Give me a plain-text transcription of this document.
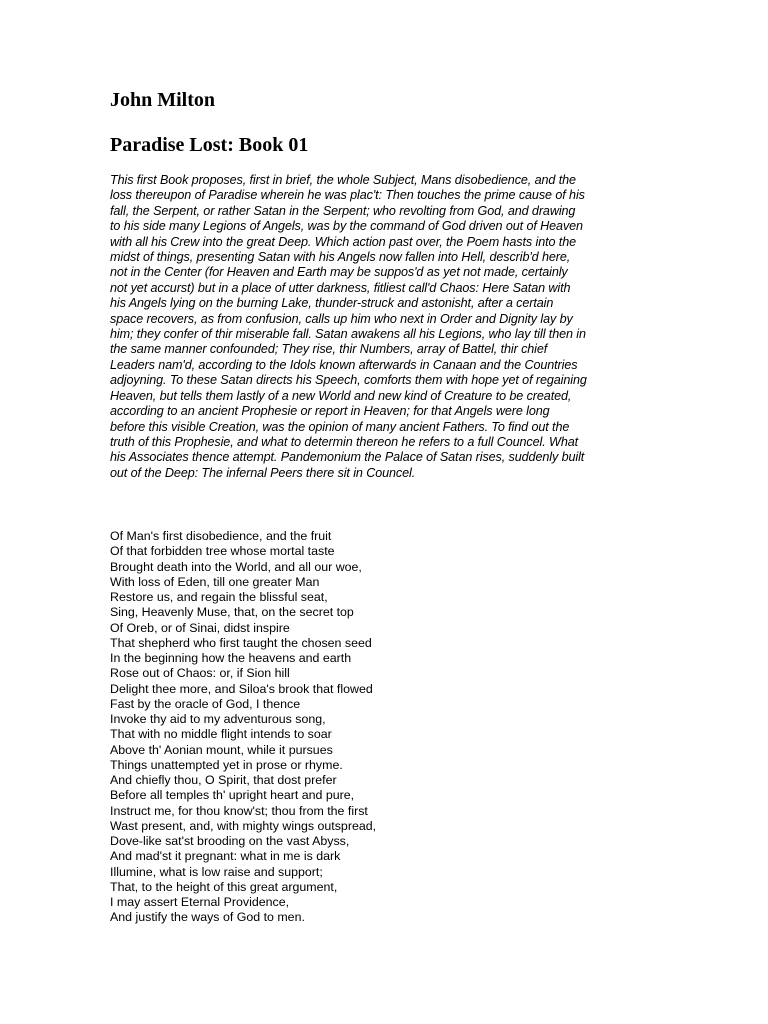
John Milton
Paradise Lost: Book 01
This first Book proposes, first in brief, the whole Subject, Mans disobedience, and the
loss thereupon of Paradise wherein he was plac't: Then touches the prime cause of his
fall, the Serpent, or rather Satan in the Serpent; who revolting from God, and drawing
to his side many Legions of Angels, was by the command of God driven out of Heaven
with all his Crew into the great Deep. Which action past over, the Poem hasts into the
midst of things, presenting Satan with his Angels now fallen into Hell, describ'd here,
not in the Center (for Heaven and Earth may be suppos'd as yet not made, certainly
not yet accurst) but in a place of utter darkness, fitliest call'd Chaos: Here Satan with
his Angels lying on the burning Lake, thunder-struck and astonisht, after a certain
space recovers, as from confusion, calls up him who next in Order and Dignity lay by
him; they confer of thir miserable fall. Satan awakens all his Legions, who lay till then in
the same manner confounded; They rise, thir Numbers, array of Battel, thir chief
Leaders nam'd, according to the Idols known afterwards in Canaan and the Countries
adjoyning. To these Satan directs his Speech, comforts them with hope yet of regaining
Heaven, but tells them lastly of a new World and new kind of Creature to be created,
according to an ancient Prophesie or report in Heaven; for that Angels were long
before this visible Creation, was the opinion of many ancient Fathers. To find out the
truth of this Prophesie, and what to determin thereon he refers to a full Councel. What
his Associates thence attempt. Pandemonium the Palace of Satan rises, suddenly built
out of the Deep: The infernal Peers there sit in Councel.
Of Man's first disobedience, and the fruit
Of that forbidden tree whose mortal taste
Brought death into the World, and all our woe,
With loss of Eden, till one greater Man
Restore us, and regain the blissful seat,
Sing, Heavenly Muse, that, on the secret top
Of Oreb, or of Sinai, didst inspire
That shepherd who first taught the chosen seed
In the beginning how the heavens and earth
Rose out of Chaos: or, if Sion hill
Delight thee more, and Siloa's brook that flowed
Fast by the oracle of God, I thence
Invoke thy aid to my adventurous song,
That with no middle flight intends to soar
Above th' Aonian mount, while it pursues
Things unattempted yet in prose or rhyme.
And chiefly thou, O Spirit, that dost prefer
Before all temples th' upright heart and pure,
Instruct me, for thou know'st; thou from the first
Wast present, and, with mighty wings outspread,
Dove-like sat'st brooding on the vast Abyss,
And mad'st it pregnant: what in me is dark
Illumine, what is low raise and support;
That, to the height of this great argument,
I may assert Eternal Providence,
And justify the ways of God to men.
